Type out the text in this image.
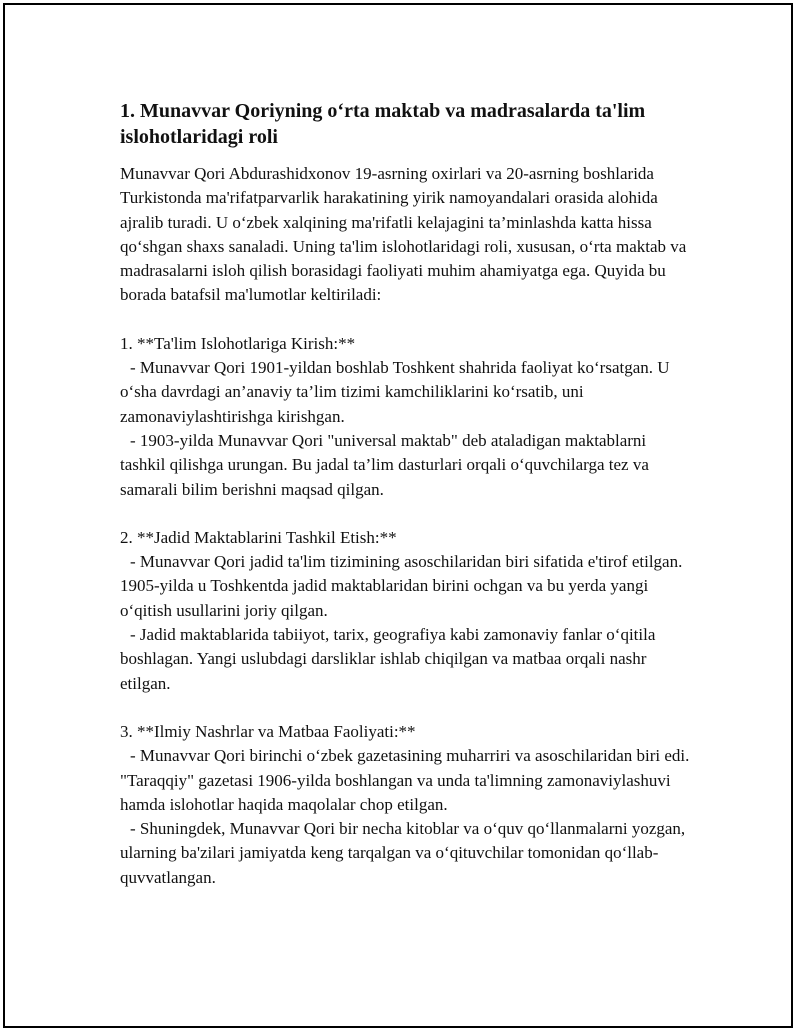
1. Munavvar Qoriyning o‘rta maktab va madrasalarda ta'lim islohotlaridagi roli

Munavvar Qori Abdurashidxonov 19-asrning oxirlari va 20-asrning boshlarida Turkistonda ma'rifatparvarlik harakatining yirik namoyandalari orasida alohida ajralib turadi. U o‘zbek xalqining ma'rifatli kelajagini ta’minlashda katta hissa qo‘shgan shaxs sanaladi. Uning ta'lim islohotlaridagi roli, xususan, o‘rta maktab va madrasalarni isloh qilish borasidagi faoliyati muhim ahamiyatga ega. Quyida bu borada batafsil ma'lumotlar keltiriladi:

1. **Ta'lim Islohotlariga Kirish:**

- Munavvar Qori 1901-yildan boshlab Toshkent shahrida faoliyat ko‘rsatgan. U o‘sha davrdagi an’anaviy ta’lim tizimi kamchiliklarini ko‘rsatib, uni zamonaviylashtirishga kirishgan.

- 1903-yilda Munavvar Qori "universal maktab" deb ataladigan maktablarni tashkil qilishga urungan. Bu jadal ta’lim dasturlari orqali o‘quvchilarga tez va samarali bilim berishni maqsad qilgan.

2. **Jadid Maktablarini Tashkil Etish:**

- Munavvar Qori jadid ta'lim tizimining asoschilaridan biri sifatida e'tirof etilgan. 1905-yilda u Toshkentda jadid maktablaridan birini ochgan va bu yerda yangi o‘qitish usullarini joriy qilgan.

- Jadid maktablarida tabiiyot, tarix, geografiya kabi zamonaviy fanlar o‘qitila boshlagan. Yangi uslubdagi darsliklar ishlab chiqilgan va matbaa orqali nashr etilgan.

3. **Ilmiy Nashrlar va Matbaa Faoliyati:**

- Munavvar Qori birinchi o‘zbek gazetasining muharriri va asoschilaridan biri edi. "Taraqqiy" gazetasi 1906-yilda boshlangan va unda ta'limning zamonaviylashuvi hamda islohotlar haqida maqolalar chop etilgan.

- Shuningdek, Munavvar Qori bir necha kitoblar va o‘quv qo‘llanmalarni yozgan, ularning ba'zilari jamiyatda keng tarqalgan va o‘qituvchilar tomonidan qo‘llab-quvvatlangan.
